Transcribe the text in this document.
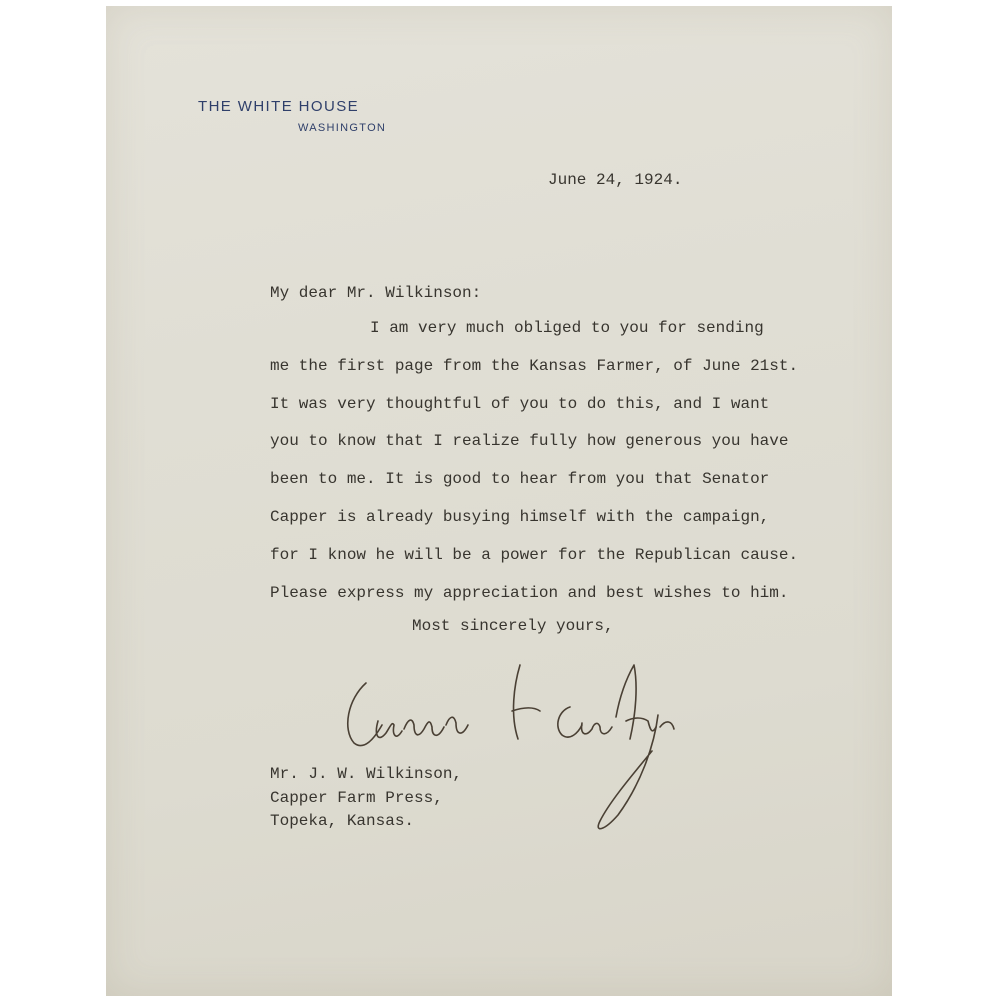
THE WHITE HOUSE

WASHINGTON

June 24, 1924.

My dear Mr. Wilkinson:

I am very much obliged to you for sending
me the first page from the Kansas Farmer, of June 21st.
It was very thoughtful of you to do this, and I want
you to know that I realize fully how generous you have
been to me. It is good to hear from you that Senator
Capper is already busying himself with the campaign,
for I know he will be a power for the Republican cause.
Please express my appreciation and best wishes to him.

Most sincerely yours,

Mr. J. W. Wilkinson,
Capper Farm Press,
Topeka, Kansas.
